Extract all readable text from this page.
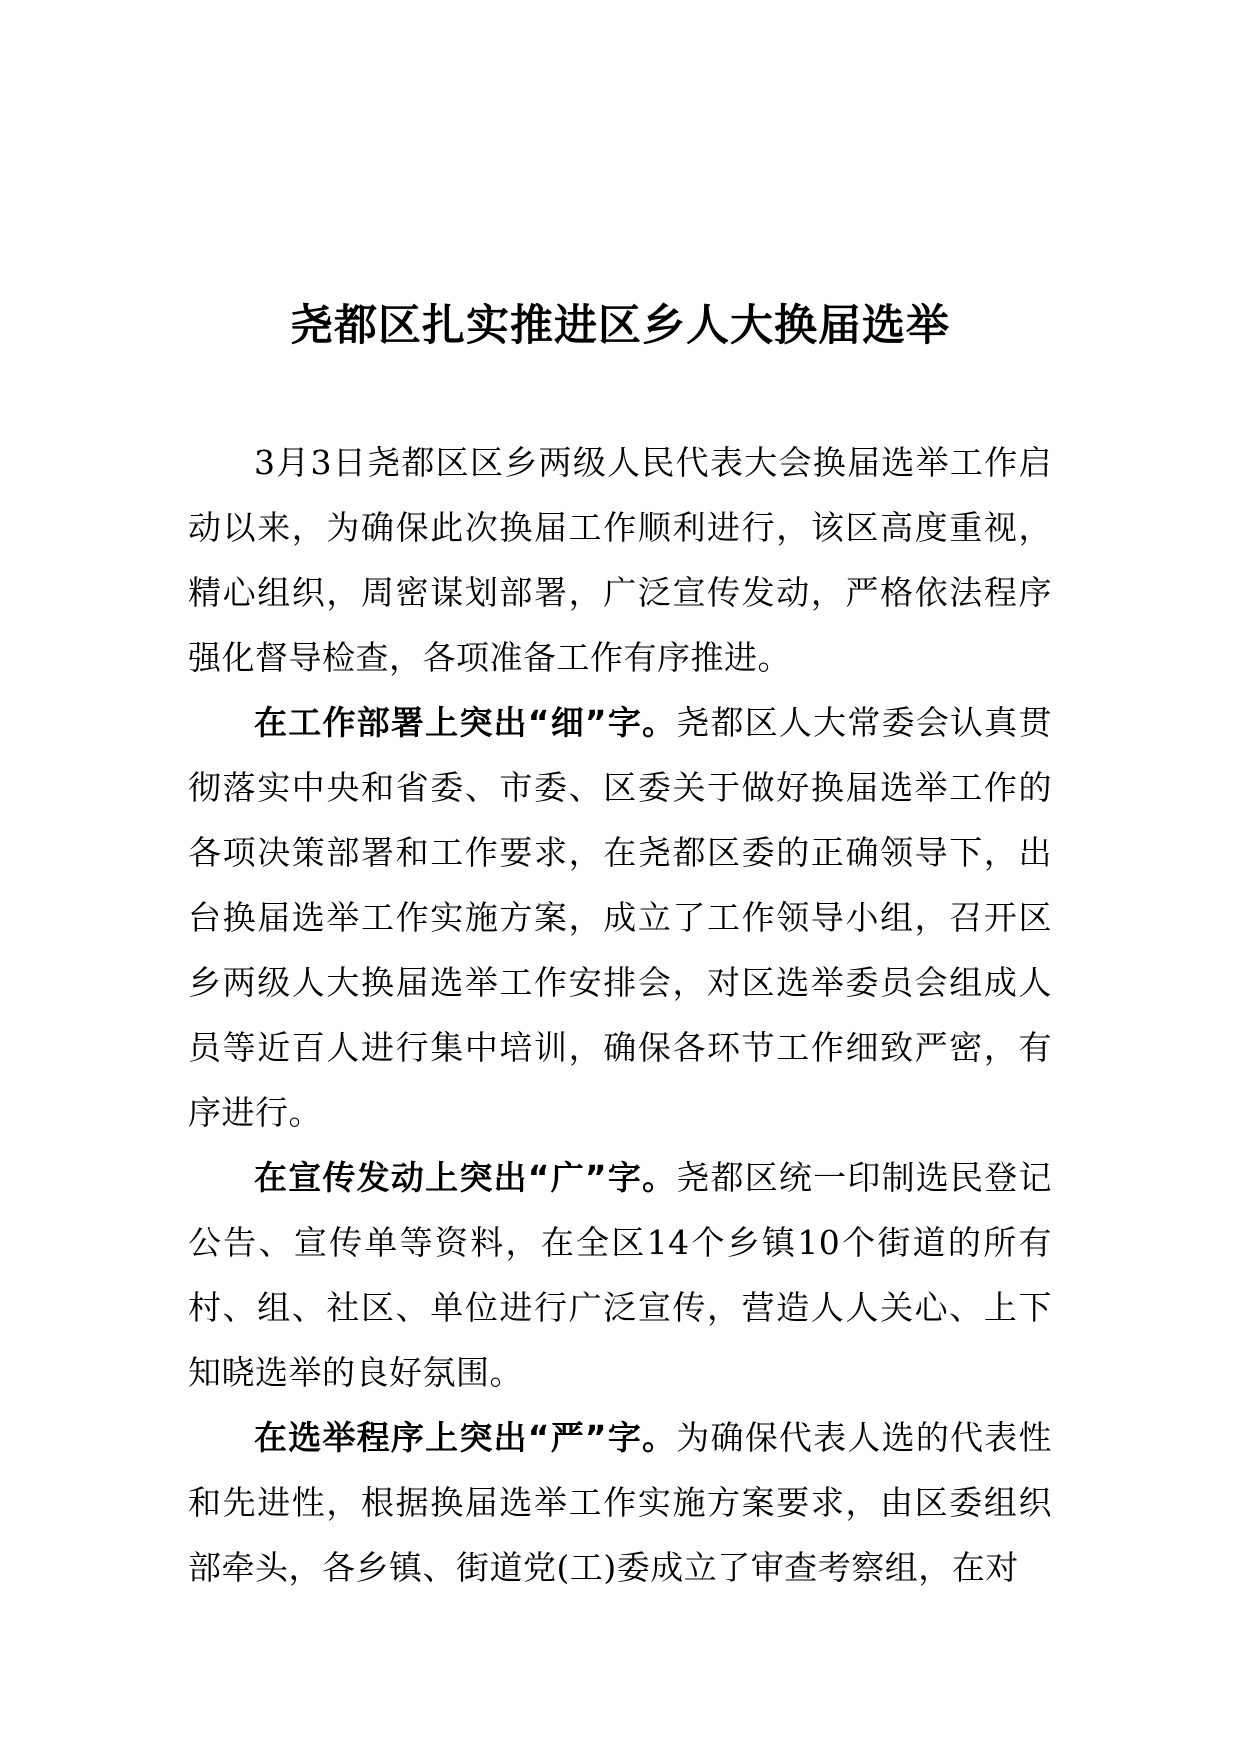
尧都区扎实推进区乡人大换届选举

3月3日尧都区区乡两级人民代表大会换届选举工作启动以来，为确保此次换届工作顺利进行，该区高度重视，精心组织，周密谋划部署，广泛宣传发动，严格依法程序强化督导检查，各项准备工作有序推进。

在工作部署上突出“细”字。尧都区人大常委会认真贯彻落实中央和省委、市委、区委关于做好换届选举工作的各项决策部署和工作要求，在尧都区委的正确领导下，出台换届选举工作实施方案，成立了工作领导小组，召开区乡两级人大换届选举工作安排会，对区选举委员会组成人员等近百人进行集中培训，确保各环节工作细致严密，有序进行。

在宣传发动上突出“广”字。尧都区统一印制选民登记公告、宣传单等资料，在全区14个乡镇10个街道的所有村、组、社区、单位进行广泛宣传，营造人人关心、上下知晓选举的良好氛围。

在选举程序上突出“严”字。为确保代表人选的代表性和先进性，根据换届选举工作实施方案要求，由区委组织部牵头，各乡镇、街道党(工)委成立了审查考察组，在对
